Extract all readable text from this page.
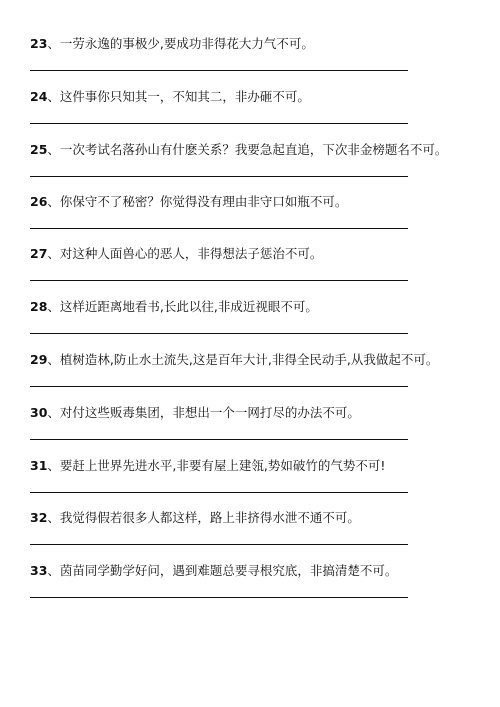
23、一劳永逸的事极少,要成功非得花大力气不可。
24、这件事你只知其一，不知其二，非办砸不可。
25、一次考试名落孙山有什麽关系？我要急起直追，下次非金榜题名不可。
26、你保守不了秘密？你觉得没有理由非守口如瓶不可。
27、对这种人面兽心的恶人，非得想法子惩治不可。
28、这样近距离地看书,长此以往,非成近视眼不可。
29、植树造林,防止水土流失,这是百年大计,非得全民动手,从我做起不可。
30、对付这些贩毒集团，非想出一个一网打尽的办法不可。
31、要赶上世界先进水平,非要有屋上建瓴,势如破竹的气势不可!
32、我觉得假若很多人都这样，路上非挤得水泄不通不可。
33、茵苗同学勤学好问，遇到难题总要寻根究底，非搞清楚不可。
